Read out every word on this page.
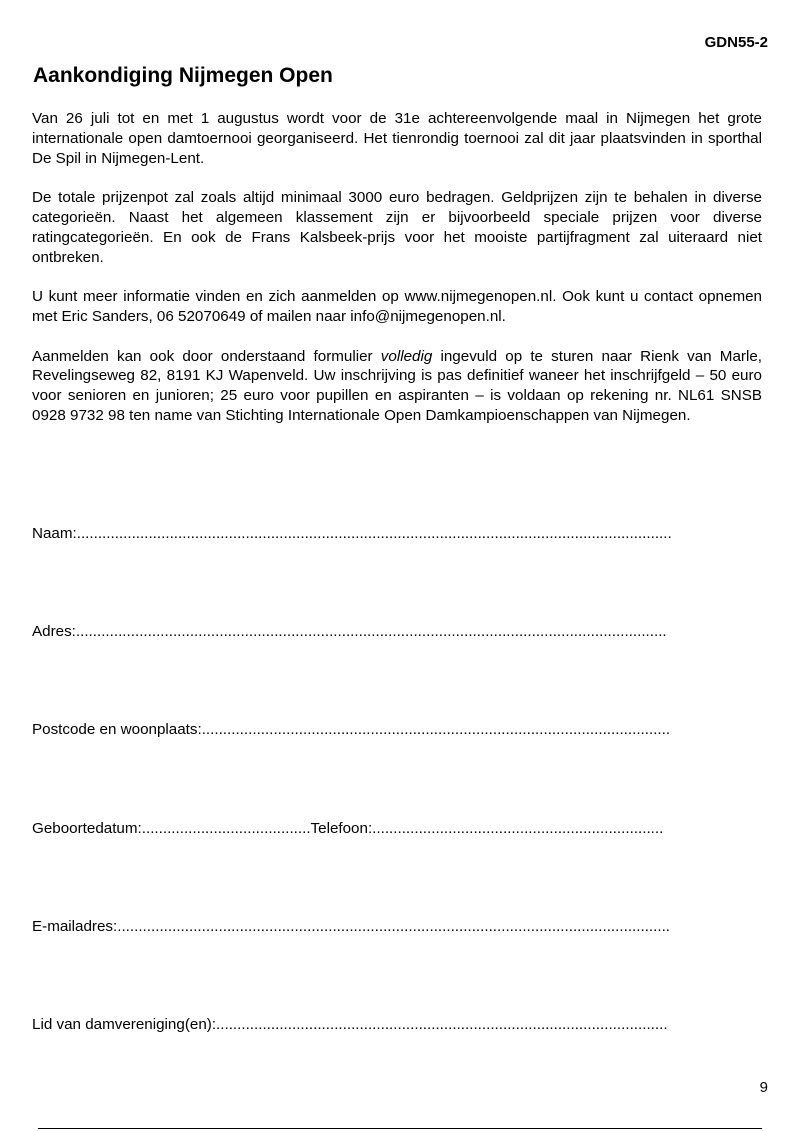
GDN55-2
Aankondiging Nijmegen Open

Van 26 juli tot en met 1 augustus wordt voor de 31e achtereenvolgende maal in Nijmegen het grote internationale open damtoernooi georganiseerd. Het tienrondig toernooi zal dit jaar plaatsvinden in sporthal De Spil in Nijmegen-Lent.

De totale prijzenpot zal zoals altijd minimaal 3000 euro bedragen. Geldprijzen zijn te behalen in diverse categorieën. Naast het algemeen klassement zijn er bijvoorbeeld speciale prijzen voor diverse ratingcategorieën. En ook de Frans Kalsbeek-prijs voor het mooiste partijfragment zal uiteraard niet ontbreken.

U kunt meer informatie vinden en zich aanmelden op www.nijmegenopen.nl. Ook kunt u contact opnemen met Eric Sanders, 06 52070649 of mailen naar info@nijmegenopen.nl.

Aanmelden kan ook door onderstaand formulier volledig ingevuld op te sturen naar Rienk van Marle, Revelingseweg 82, 8191 KJ Wapenveld. Uw inschrijving is pas definitief waneer het inschrijfgeld – 50 euro voor senioren en junioren; 25 euro voor pupillen en aspiranten – is voldaan op rekening nr. NL61 SNSB 0928 9732 98 ten name van Stichting Internationale Open Damkampioenschappen van Nijmegen.

Naam:.............................................................................................................................................
Adres:............................................................................................................................................
Postcode en woonplaats:...............................................................................................................
Geboortedatum:........................................Telefoon:.....................................................................
E-mailadres:...................................................................................................................................
Lid van damvereniging(en):...........................................................................................................
9
